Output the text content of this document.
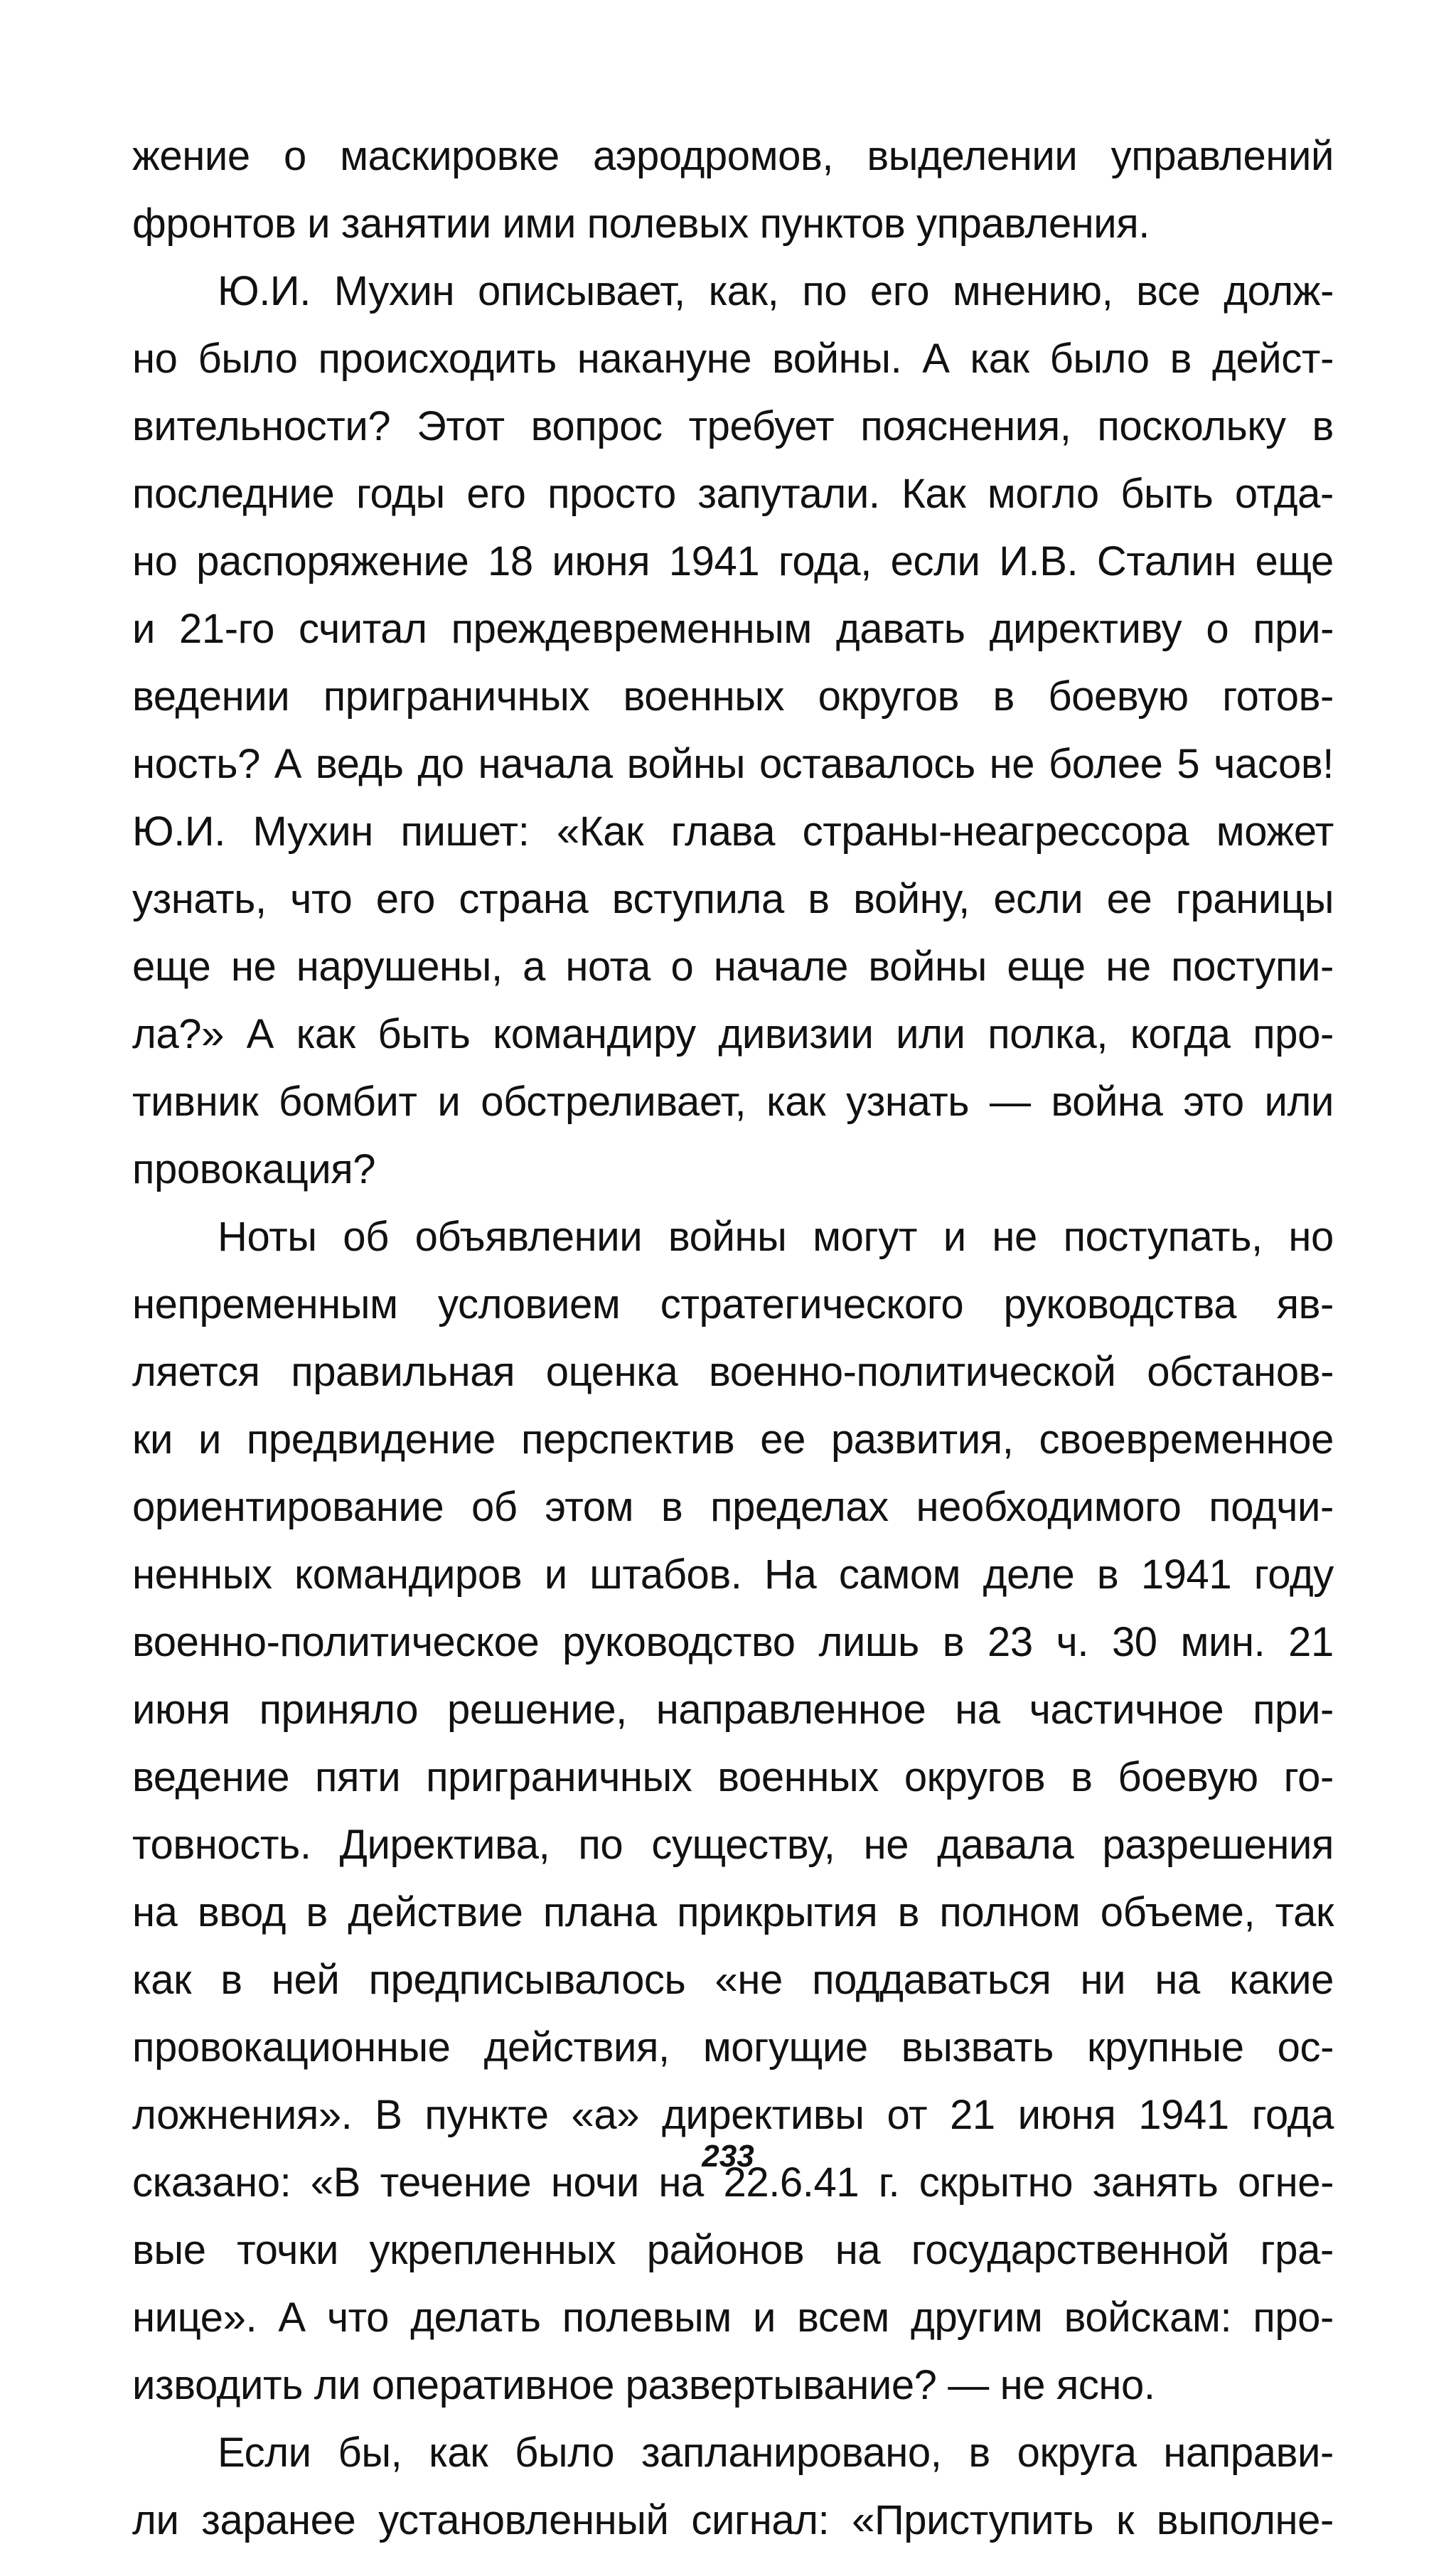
жение о маскировке аэродромов, выделении управлений
фронтов
и
занятии
ими
полевых
пунктов
управления.
Ю.И. Мухин описывает, как, по его мнению, все долж-
но было происходить накануне войны. А как было в дейст-
вительности? Этот вопрос требует пояснения, поскольку в
последние годы его просто запутали. Как могло быть отда-
но распоряжение 18 июня 1941 года, если И.В. Сталин еще
и 21-го считал преждевременным давать директиву о при-
ведении приграничных военных округов в боевую готов-
ность? А ведь до начала войны оставалось не более 5 часов!
Ю.И. Мухин пишет: «Как глава страны-неагрессора может
узнать, что его страна вступила в войну, если ее границы
еще не нарушены, а нота о начале войны еще не поступи-
ла?» А как быть командиру дивизии или полка, когда про-
тивник бомбит и обстреливает, как узнать — война это или
провокация?
Ноты об объявлении войны могут и не поступать, но
непременным условием стратегического руководства яв-
ляется правильная оценка военно-политической обстанов-
ки и предвидение перспектив ее развития, своевременное
ориентирование об этом в пределах необходимого подчи-
ненных командиров и штабов. На самом деле в 1941 году
военно-политическое руководство лишь в 23 ч. 30 мин. 21
июня приняло решение, направленное на частичное при-
ведение пяти приграничных военных округов в боевую го-
товность. Директива, по существу, не давала разрешения
на ввод в действие плана прикрытия в полном объеме, так
как в ней предписывалось «не поддаваться ни на какие
провокационные действия, могущие вызвать крупные ос-
ложнения». В пункте «а» директивы от 21 июня 1941 года
сказано: «В течение ночи на 22.6.41 г. скрытно занять огне-
вые точки укрепленных районов на государственной гра-
нице». А что делать полевым и всем другим войскам: про-
изводить
ли
оперативное
развертывание?
—
не
ясно.
Если бы, как было запланировано, в округа направи-
ли заранее установленный сигнал: «Приступить к выполне-
233
